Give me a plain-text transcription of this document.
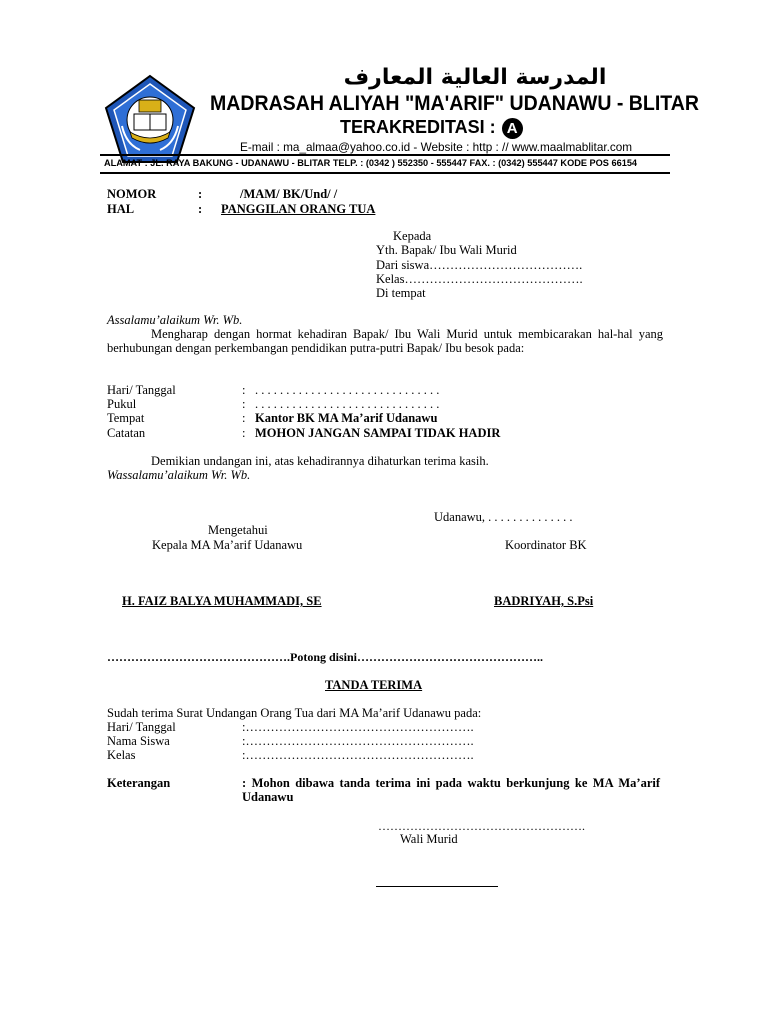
المدرسة العالية المعارف
MADRASAH ALIYAH "MA'ARIF" UDANAWU - BLITAR
TERAKREDITASI : A
E-mail : ma_almaa@yahoo.co.id - Website : http : // www.maalmablitar.com
ALAMAT : JL. RAYA BAKUNG - UDANAWU - BLITAR TELP. : (0342 ) 552350 - 555447 FAX. : (0342) 555447 KODE POS 66154
NOMOR	:	/MAM/ BK/Und/ /
HAL	: PANGGILAN ORANG TUA
Kepada
Yth. Bapak/ Ibu Wali Murid
Dari siswa……………………………….
Kelas…………………………………….
Di tempat
Assalamu’alaikum Wr. Wb.
Mengharap dengan hormat kehadiran Bapak/ Ibu Wali Murid untuk membicarakan hal-hal yang berhubungan dengan perkembangan pendidikan putra-putri Bapak/ Ibu besok pada:
Hari/ Tanggal	: . . . . . . . . . . . . . . . . . . . . . . . . . . . . . .
Pukul	: . . . . . . . . . . . . . . . . . . . . . . . . . . . . . .
Tempat	: Kantor BK MA Ma’arif Udanawu
Catatan	: MOHON JANGAN SAMPAI TIDAK HADIR
Demikian undangan ini, atas kehadirannya dihaturkan terima kasih.
Wassalamu’alaikum Wr. Wb.
Udanawu, . . . . . . . . . . . . . .
Mengetahui
Kepala MA Ma’arif Udanawu	Koordinator BK
H. FAIZ BALYA MUHAMMADI, SE	BADRIYAH, S.Psi
……………………………………….Potong disini………………………………………..
TANDA TERIMA
Sudah terima Surat Undangan Orang Tua dari MA Ma’arif Udanawu pada:
Hari/ Tanggal	:……………………………………………….
Nama Siswa	:……………………………………………….
Kelas	:……………………………………………….
Keterangan	: Mohon dibawa tanda terima ini pada waktu berkunjung ke MA Ma’arif Udanawu
…………………………………………….
Wali Murid
